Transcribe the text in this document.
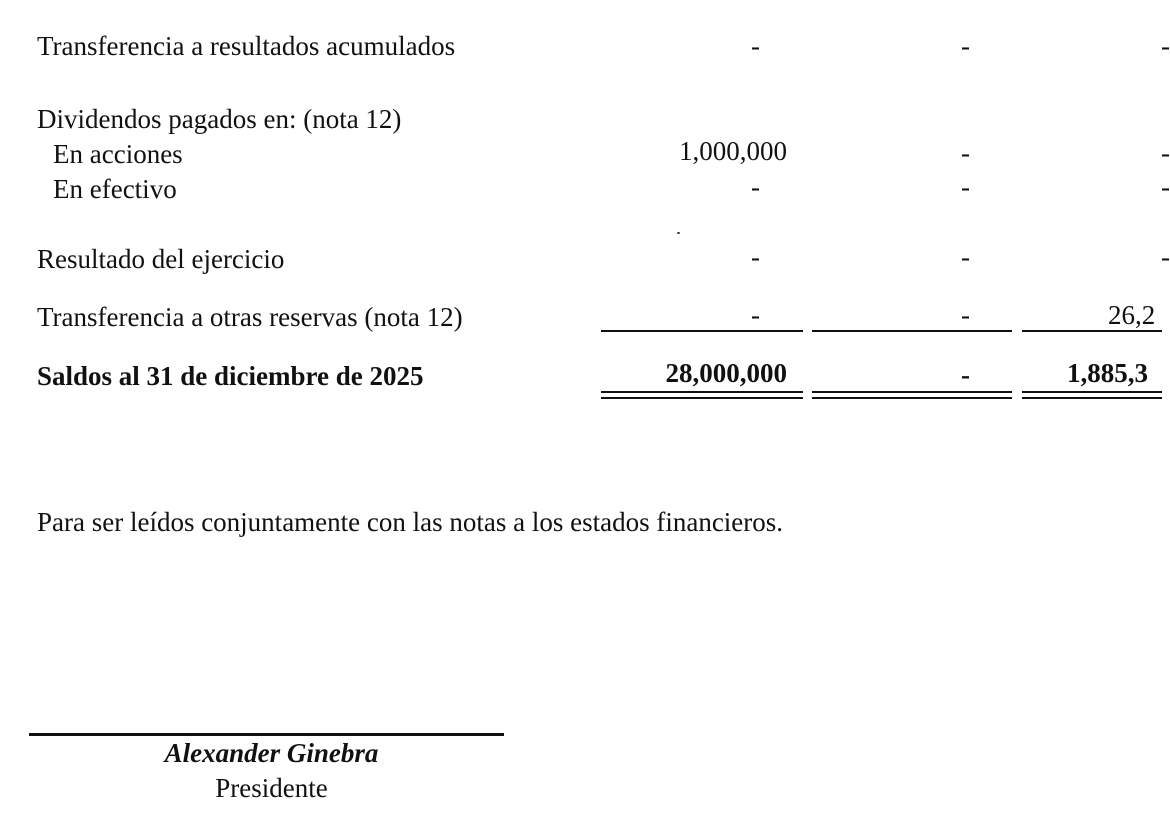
Transferencia a resultados acumulados	-	-	-
Dividendos pagados en: (nota 12)
En acciones	1,000,000	-	-
En efectivo	-	-	-
Resultado del ejercicio	-	-	-
Transferencia a otras reservas (nota 12)	-	-	26,2
Saldos al 31 de diciembre de 2025	28,000,000	-	1,885,3
Para ser leídos conjuntamente con las notas a los estados financieros.
Alexander Ginebra
Presidente
